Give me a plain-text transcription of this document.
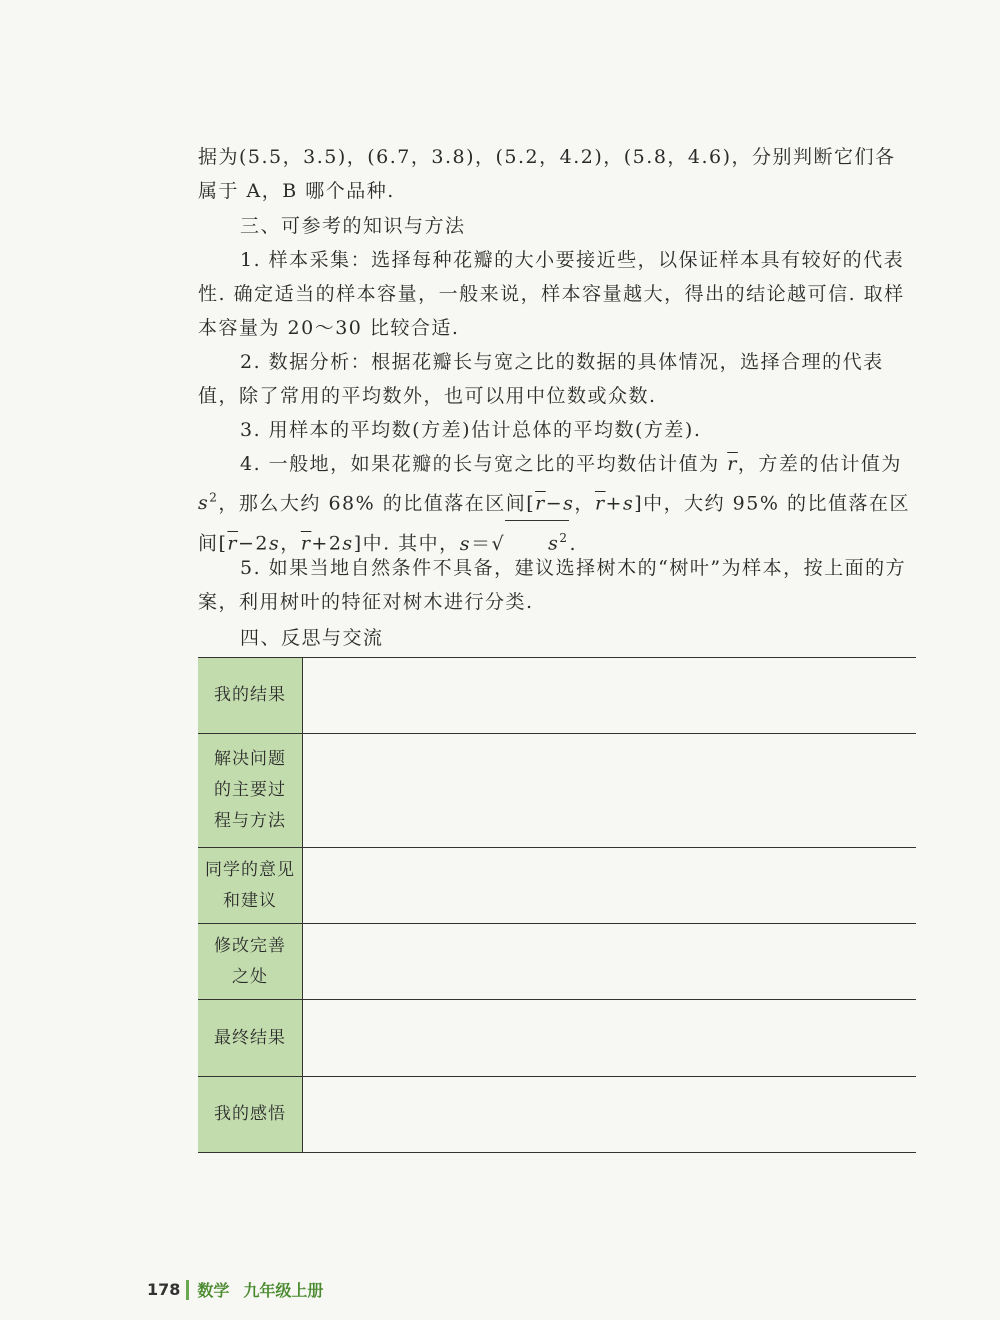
据为(5.5，3.5)，(6.7，3.8)，(5.2，4.2)，(5.8，4.6)，分别判断它们各

属于 A，B 哪个品种.

三、可参考的知识与方法

1. 样本采集：选择每种花瓣的大小要接近些，以保证样本具有较好的代表性. 确定适当的样本容量，一般来说，样本容量越大，得出的结论越可信. 取样本容量为 20～30 比较合适.

2. 数据分析：根据花瓣长与宽之比的数据的具体情况，选择合理的代表值，除了常用的平均数外，也可以用中位数或众数.

3. 用样本的平均数(方差)估计总体的平均数(方差).

4. 一般地，如果花瓣的长与宽之比的平均数估计值为 $\overline{r}$，方差的估计值为 $s^2$，那么大约 68% 的比值落在区间[$\overline{r}-s$，$\overline{r}+s$]中，大约 95% 的比值落在区间[$\overline{r}-2s$，$\overline{r}+2s$]中. 其中，s＝√ $s^2$.

5. 如果当地自然条件不具备，建议选择树木的“树叶”为样本，按上面的方案，利用树叶的特征对树木进行分类.

四、反思与交流

我的结果	

解决问题
的主要过
程与方法	

同学的意见
和建议	

修改完善
之处	

最终结果	

我的感悟	

178 数学 九年级上册
